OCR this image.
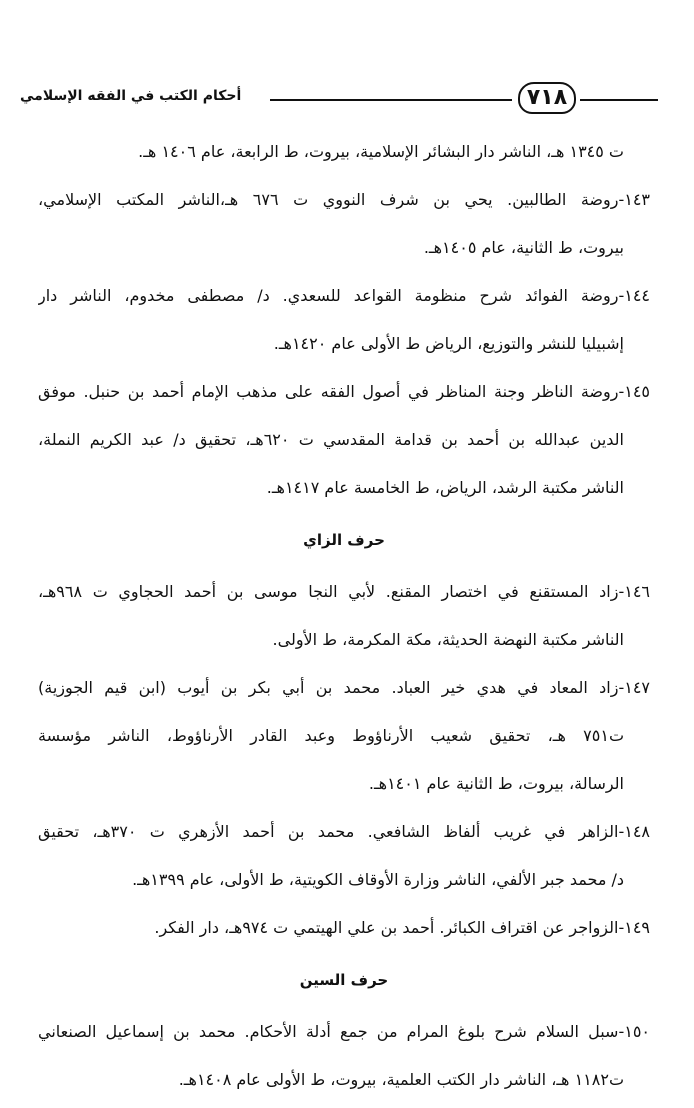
أحكام الكتب في الفقه الإسلامي	٧١٨
ت ١٣٤٥ هـ، الناشر دار البشائر الإسلامية، بيروت، ط الرابعة، عام ١٤٠٦ هـ.
١٤٣-روضة الطالبين. يحي بن شرف النووي ت ٦٧٦ هـ،الناشر المكتب الإسلامي،
بيروت، ط الثانية، عام ١٤٠٥هـ.
١٤٤-روضة الفوائد شرح منظومة القواعد للسعدي. د/ مصطفى مخدوم، الناشر دار
إشبيليا للنشر والتوزيع، الرياض ط الأولى عام ١٤٢٠هـ.
١٤٥-روضة الناظر وجنة المناظر في أصول الفقه على مذهب الإمام أحمد بن حنبل. موفق
الدين عبدالله بن أحمد بن قدامة المقدسي ت ٦٢٠هـ، تحقيق د/ عبد الكريم النملة،
الناشر مكتبة الرشد، الرياض، ط الخامسة عام ١٤١٧هـ.
حرف الزاي
١٤٦-زاد المستقنع في اختصار المقنع. لأبي النجا موسى بن أحمد الحجاوي ت ٩٦٨هـ،
الناشر مكتبة النهضة الحديثة، مكة المكرمة، ط الأولى.
١٤٧-زاد المعاد في هدي خير العباد. محمد بن أبي بكر بن أيوب (ابن قيم الجوزية)
ت٧٥١ هـ، تحقيق شعيب الأرناؤوط وعبد القادر الأرناؤوط، الناشر مؤسسة
الرسالة، بيروت، ط الثانية عام ١٤٠١هـ.
١٤٨-الزاهر في غريب ألفاظ الشافعي. محمد بن أحمد الأزهري ت ٣٧٠هـ، تحقيق
د/ محمد جبر الألفي، الناشر وزارة الأوقاف الكويتية، ط الأولى، عام ١٣٩٩هـ.
١٤٩-الزواجر عن اقتراف الكبائر. أحمد بن علي الهيتمي ت ٩٧٤هـ، دار الفكر.
حرف السين
١٥٠-سبل السلام شرح بلوغ المرام من جمع أدلة الأحكام. محمد بن إسماعيل الصنعاني
ت١١٨٢ هـ، الناشر دار الكتب العلمية، بيروت، ط الأولى عام ١٤٠٨هـ.
